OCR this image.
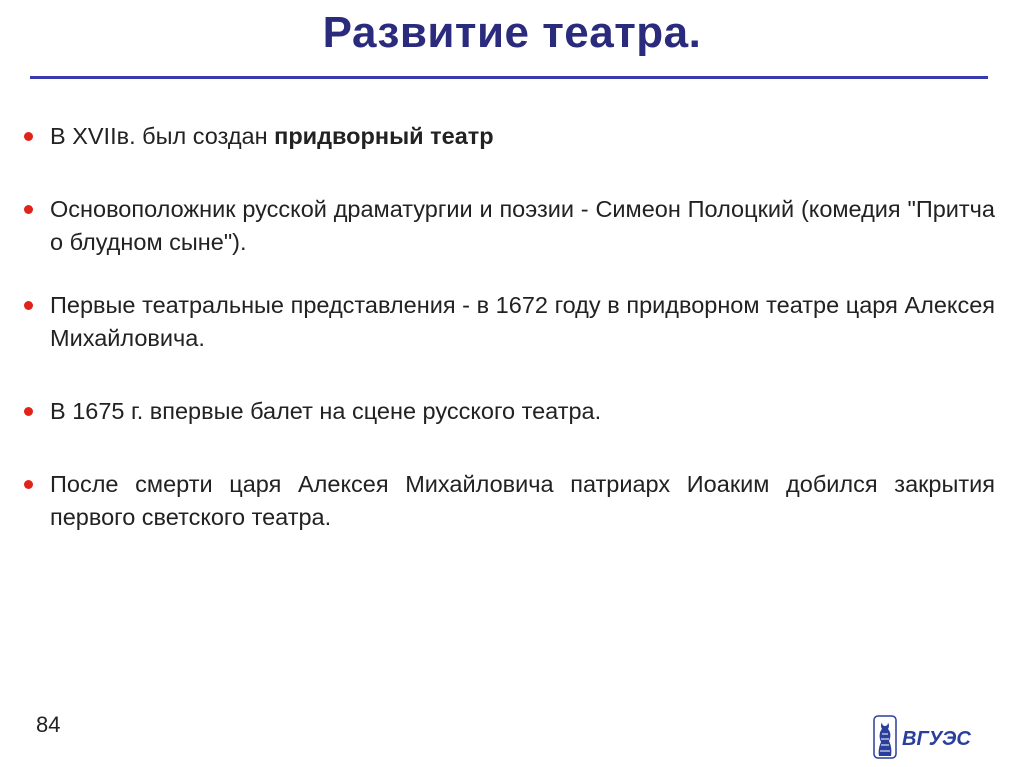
Развитие театра.
В XVIIв. был создан придворный театр
Основоположник русской драматургии и поэзии - Симеон Полоцкий (комедия "Притча о блудном сыне").
Первые театральные представления - в 1672 году в придворном театре царя Алексея Михайловича.
В 1675 г. впервые балет на сцене русского театра.
После смерти царя Алексея Михайловича патриарх Иоаким добился закрытия первого светского театра.
84
ВГУЭС
